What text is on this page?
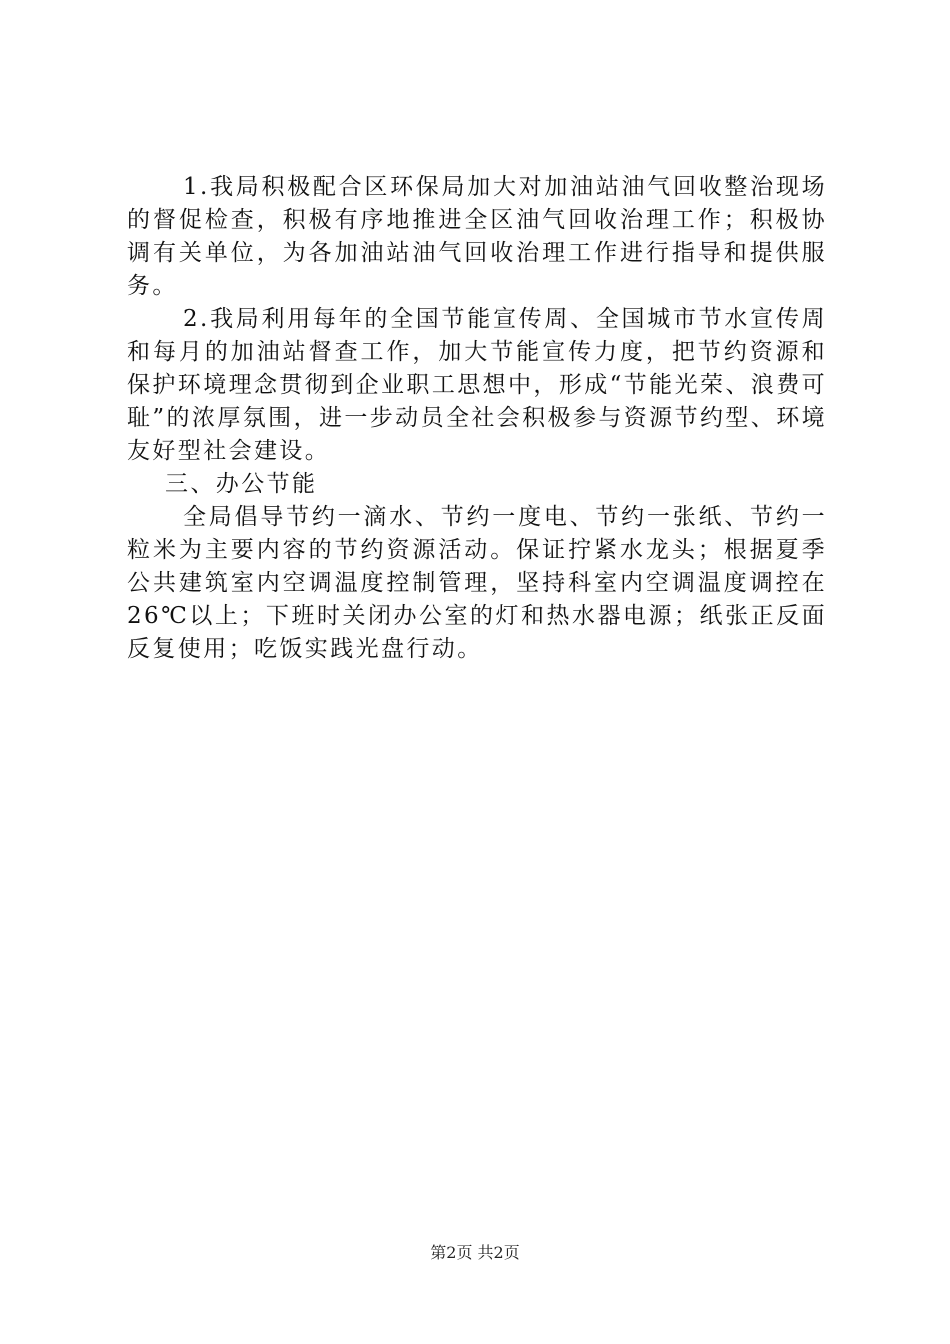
1.我局积极配合区环保局加大对加油站油气回收整治现场的督促检查，积极有序地推进全区油气回收治理工作；积极协调有关单位，为各加油站油气回收治理工作进行指导和提供服务。

2.我局利用每年的全国节能宣传周、全国城市节水宣传周和每月的加油站督查工作，加大节能宣传力度，把节约资源和保护环境理念贯彻到企业职工思想中，形成“节能光荣、浪费可耻”的浓厚氛围，进一步动员全社会积极参与资源节约型、环境友好型社会建设。

三、办公节能

全局倡导节约一滴水、节约一度电、节约一张纸、节约一粒米为主要内容的节约资源活动。保证拧紧水龙头；根据夏季公共建筑室内空调温度控制管理，坚持科室内空调温度调控在26℃以上；下班时关闭办公室的灯和热水器电源；纸张正反面反复使用；吃饭实践光盘行动。

第2页 共2页
